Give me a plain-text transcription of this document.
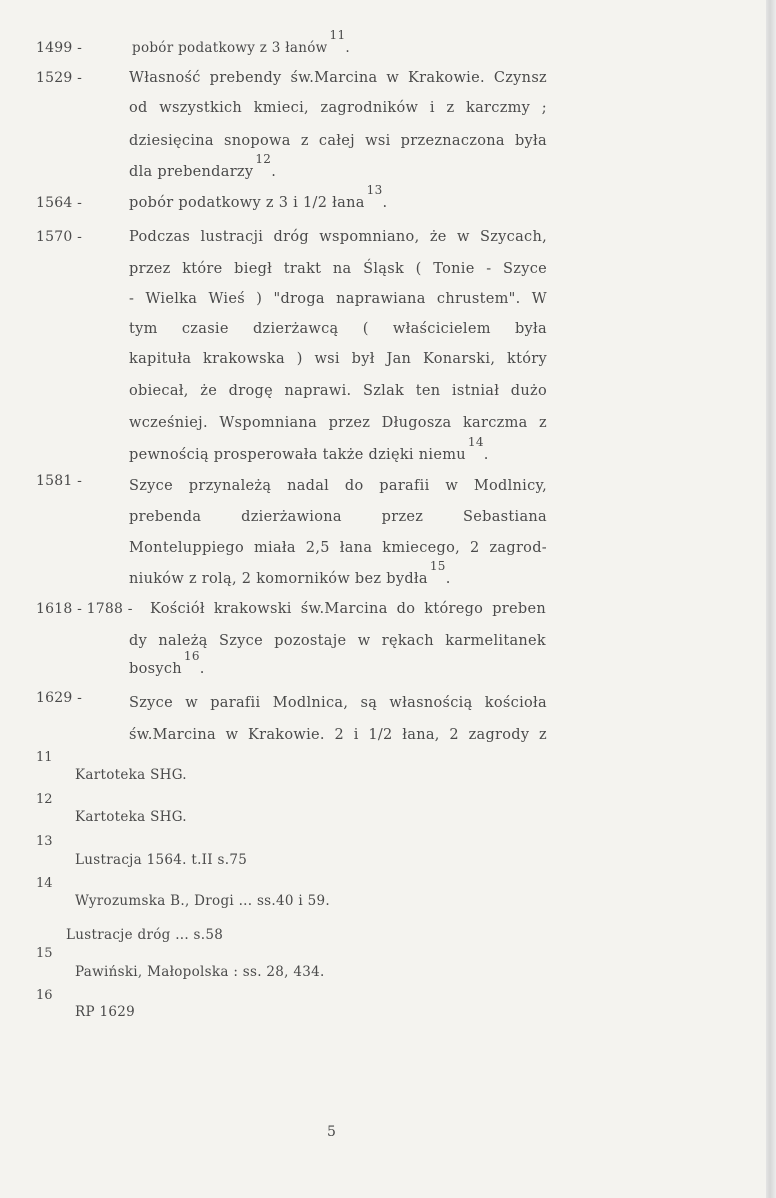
1499 -	pobór podatkowy z 3 łanów11.
1529 -	Własność prebendy św.Marcina w Krakowie. Czynsz
od wszystkich kmieci, zagrodników i z karczmy ;
dziesięcina snopowa z całej wsi przeznaczona była
dla prebendarzy$^{12}$.
1564 -	pobór podatkowy z 3 i 1/2 łana$^{13}$.
1570 -	Podczas lustracji dróg wspomniano, że w Szycach,
przez które biegł trakt na Śląsk ( Tonie - Szyce
- Wielka Wieś ) "droga naprawiana chrustem". W
tym czasie dzierżawcą ( właścicielem była
kapituła krakowska ) wsi był Jan Konarski, który
obiecał, że drogę naprawi. Szlak ten istniał dużo
wcześniej. Wspomniana przez Długosza karczma z
pewnością prosperowała także dzięki niemu$^{14}$.
1581 -	Szyce przynależą nadal do parafii w Modlnicy,
prebenda dzierżawiona przez Sebastiana
Monteluppiego miała 2,5 łana kmiecego, 2 zagrod-
niuków z rolą, 2 komorników bez bydła$^{15}$.
1618 - 1788 - Kościół krakowski św.Marcina do którego preben
dy należą Szyce pozostaje w rękach karmelitanek
bosych$^{16}$.
1629 -	Szyce w parafii Modlnica, są własnością kościoła
św.Marcina w Krakowie. 2 i 1/2 łana, 2 zagrody z
11
Kartoteka SHG.
12
Kartoteka SHG.
13
Lustracja 1564. t.II s.75
14
Wyrozumska B., Drogi ... ss.40 i 59.
Lustracje dróg ... s.58
15
Pawiński, Małopolska : ss. 28, 434.
16
RP 1629
5
